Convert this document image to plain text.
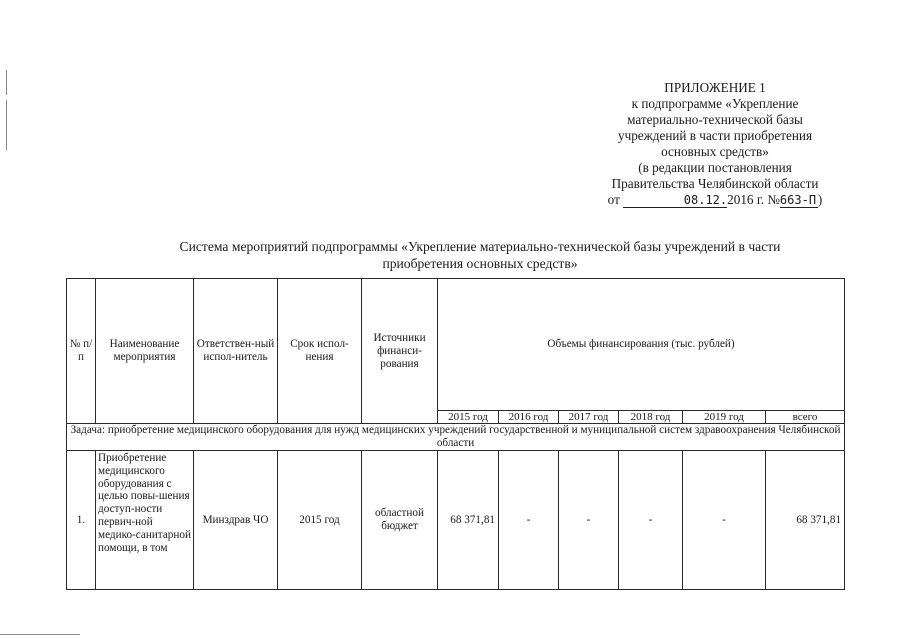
ПРИЛОЖЕНИЕ 1
к подпрограмме «Укрепление
материально-технической базы
учреждений в части приобретения
основных средств»
(в редакции постановления
Правительства Челябинской области
от	08.12.2016 г. №663-П )
Система мероприятий подпрограммы «Укрепление материально-технической базы учреждений в части
приобретения основных средств»
№ п/п	Наименование мероприятия	Ответствен-ный испол-нитель	Срок испол-нения	Источники финанси-рования	Объемы финансирования (тыс. рублей)					
					2015 год	2016 год	2017 год	2018 год	2019 год	всего
Задача: приобретение медицинского оборудования для нужд медицинских учреждений государственной и муниципальной систем здравоохранения Челябинской области										
1.	Приобретение медицинского оборудования с целью повы-шения доступ-ности первич-ной медико-санитарной помощи, в том	Минздрав ЧО	2015 год	областной бюджет	68 371,81	-	-	-	-	68 371,81
